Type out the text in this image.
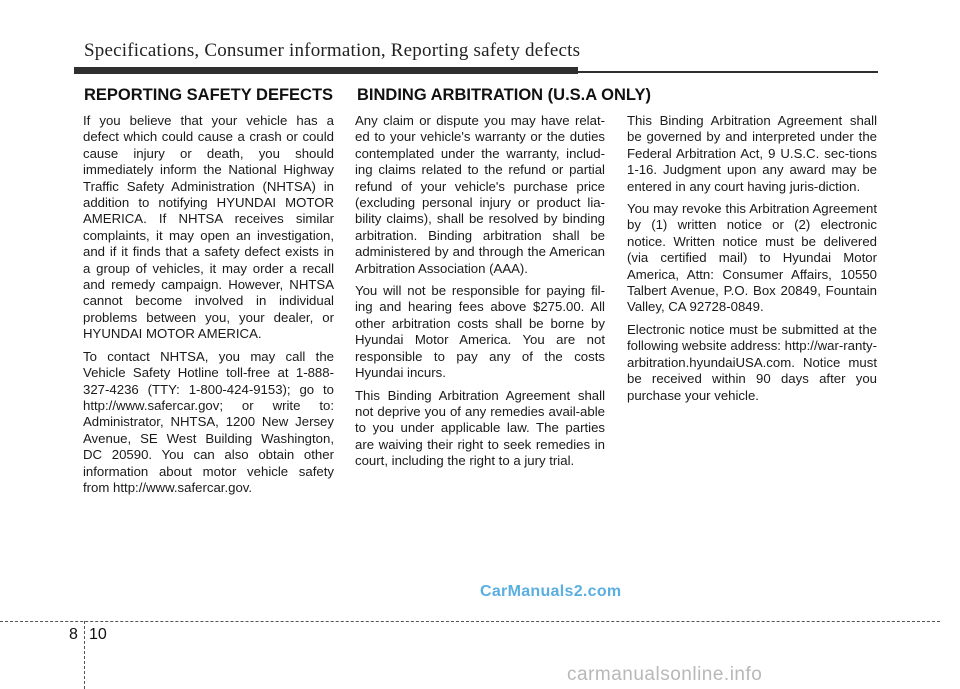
Specifications, Consumer information, Reporting safety defects
REPORTING SAFETY DEFECTS BINDING ARBITRATION (U.S.A ONLY)

If you believe that your vehicle has a defect which could cause a crash or could cause injury or death, you should immediately inform the National Highway Traffic Safety Administration (NHTSA) in addition to notifying HYUNDAI MOTOR AMERICA. If NHTSA receives similar complaints, it may open an investigation, and if it finds that a safety defect exists in a group of vehicles, it may order a recall and remedy campaign. However, NHTSA cannot become involved in individual problems between you, your dealer, or HYUNDAI MOTOR AMERICA.

To contact NHTSA, you may call the Vehicle Safety Hotline toll-free at 1-888-327-4236 (TTY: 1-800-424-9153); go to http://www.safercar.gov; or write to: Administrator, NHTSA, 1200 New Jersey Avenue, SE West Building Washington, DC 20590. You can also obtain other information about motor vehicle safety from http://www.safercar.gov.

Any claim or dispute you may have relat-ed to your vehicle's warranty or the duties contemplated under the warranty, includ-ing claims related to the refund or partial refund of your vehicle's purchase price (excluding personal injury or product lia-bility claims), shall be resolved by binding arbitration. Binding arbitration shall be administered by and through the American Arbitration Association (AAA).

You will not be responsible for paying fil-ing and hearing fees above $275.00. All other arbitration costs shall be borne by Hyundai Motor America. You are not responsible to pay any of the costs Hyundai incurs.

This Binding Arbitration Agreement shall not deprive you of any remedies avail-able to you under applicable law. The parties are waiving their right to seek remedies in court, including the right to a jury trial.

This Binding Arbitration Agreement shall be governed by and interpreted under the Federal Arbitration Act, 9 U.S.C. sec-tions 1-16. Judgment upon any award may be entered in any court having juris-diction.

You may revoke this Arbitration Agreement by (1) written notice or (2) electronic notice. Written notice must be delivered (via certified mail) to Hyundai Motor America, Attn: Consumer Affairs, 10550 Talbert Avenue, P.O. Box 20849, Fountain Valley, CA 92728-0849.

Electronic notice must be submitted at the following website address: http://war-ranty-arbitration.hyundaiUSA.com. Notice must be received within 90 days after you purchase your vehicle.

CarManuals2.com
8 10
carmanualsonline.info
